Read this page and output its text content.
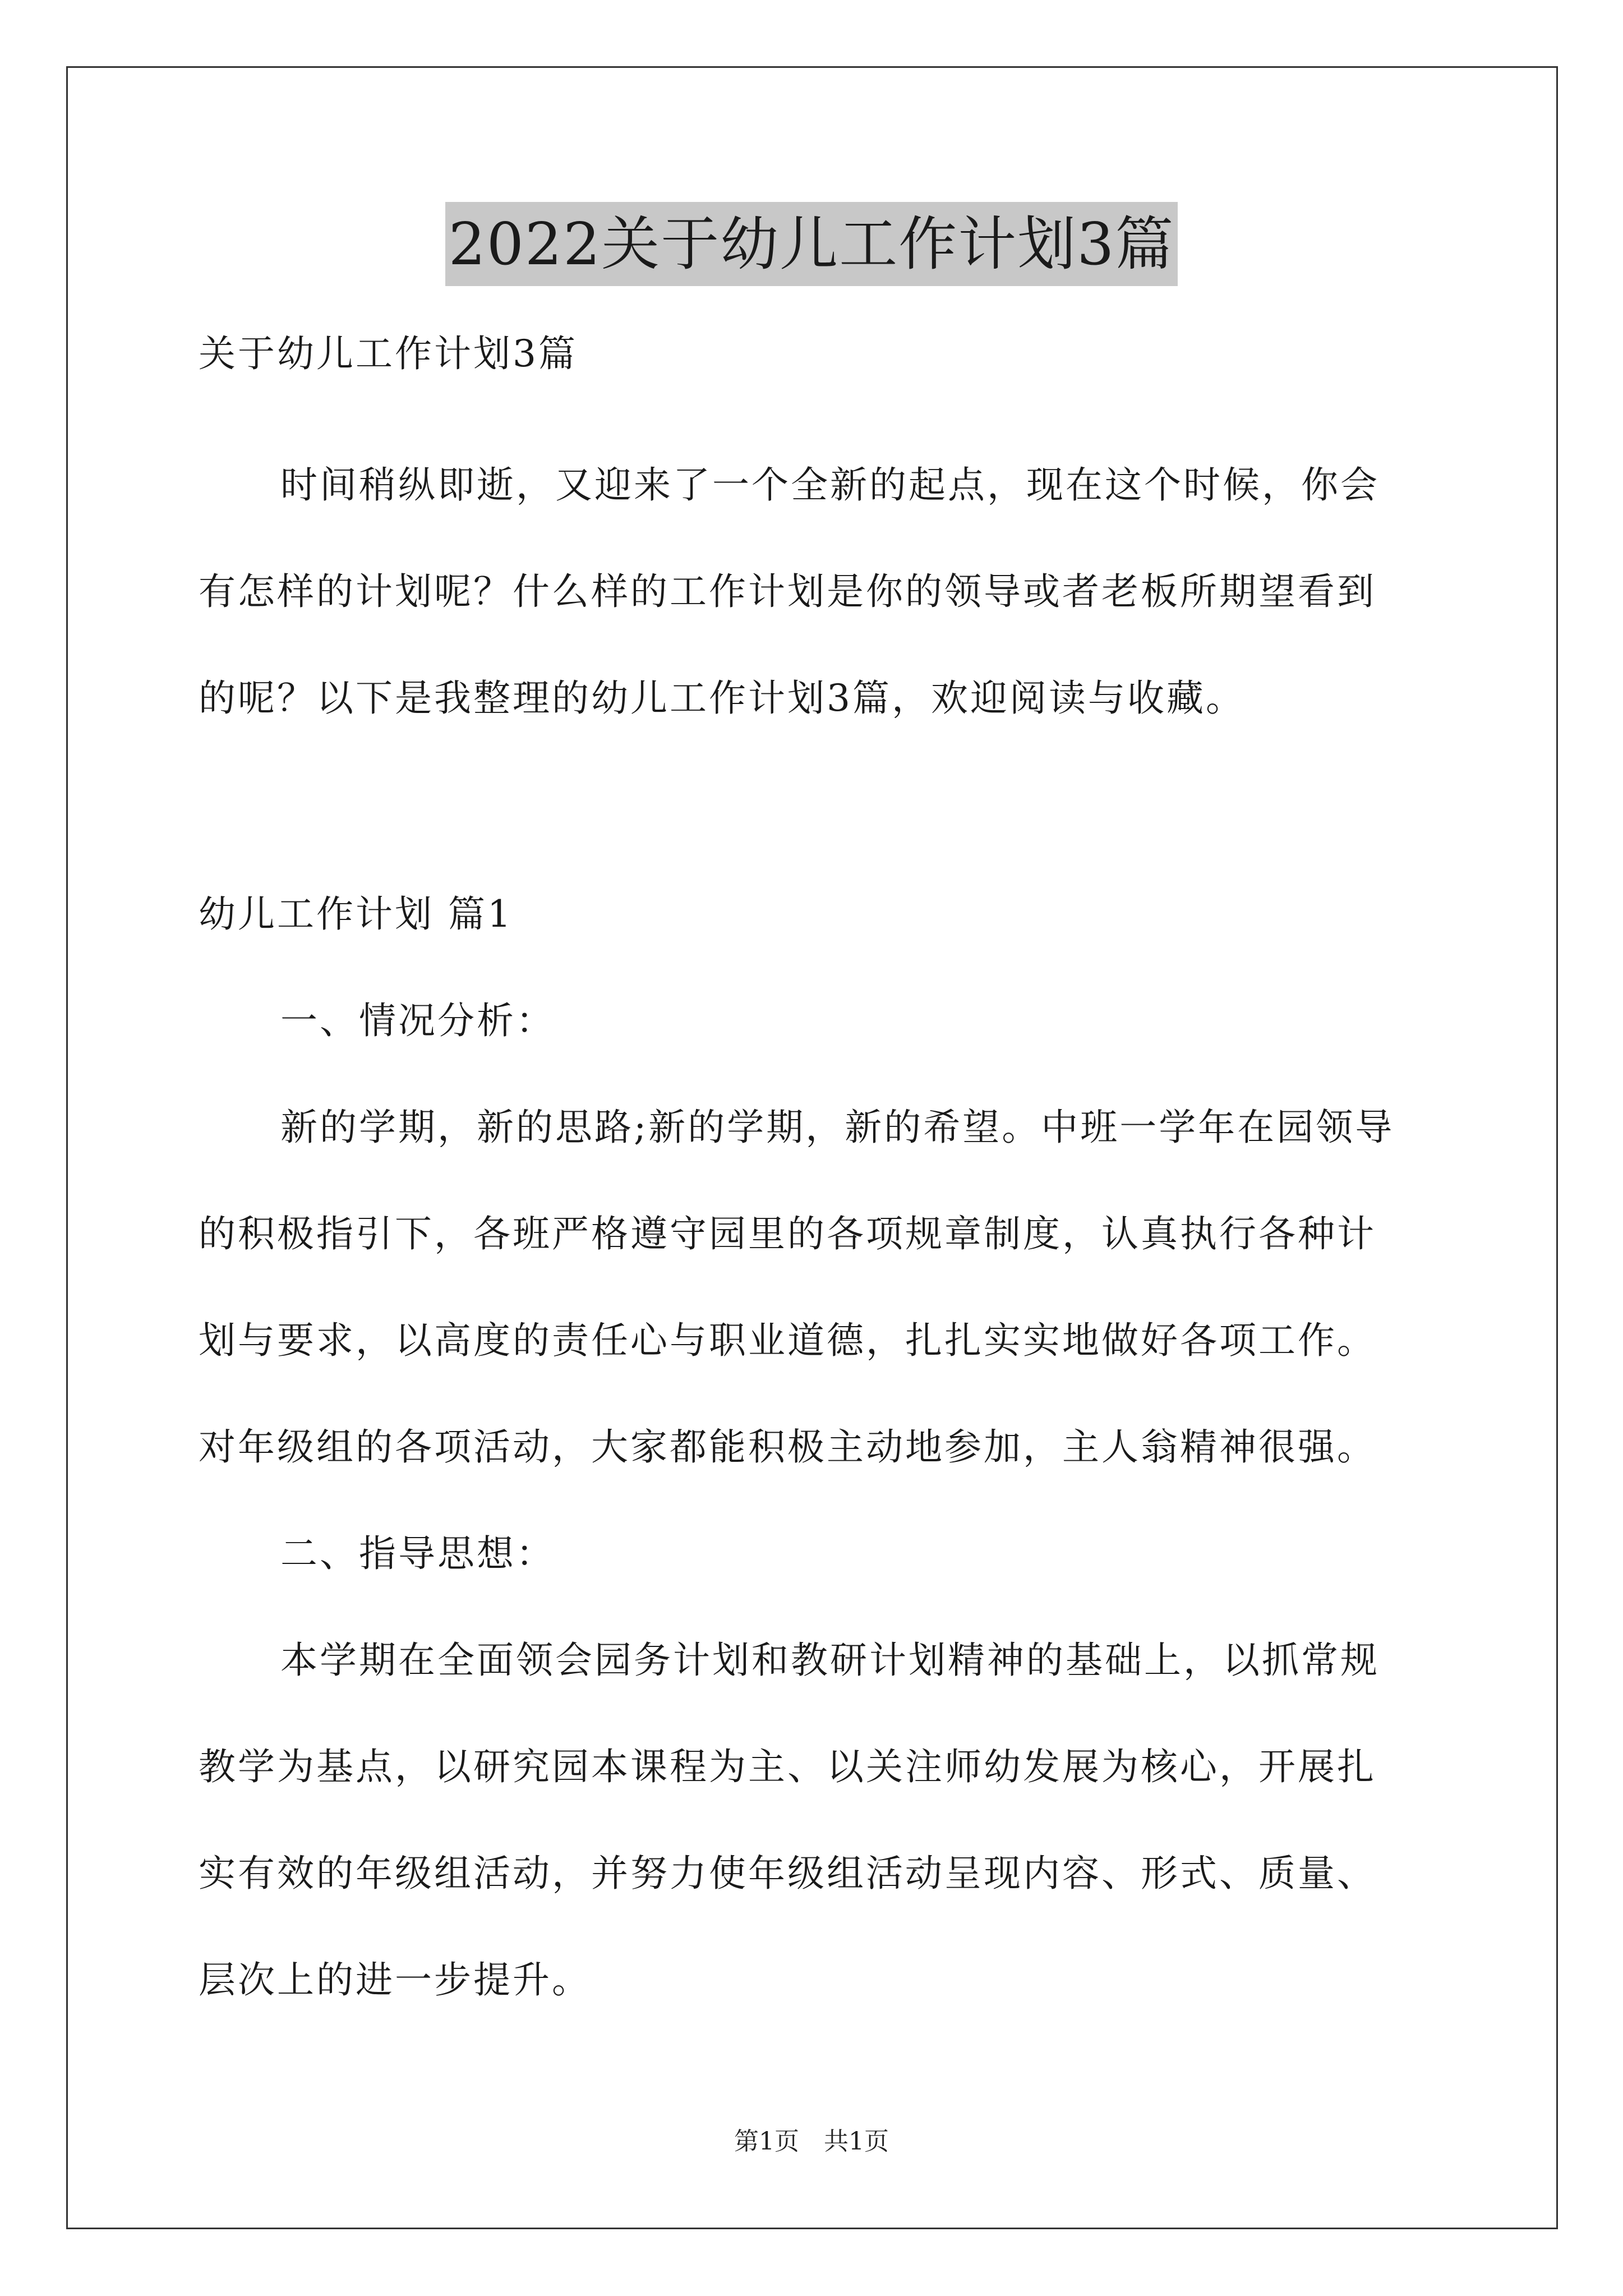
2022关于幼儿工作计划3篇
关于幼儿工作计划3篇
时间稍纵即逝，又迎来了一个全新的起点，现在这个时候，你会
有怎样的计划呢？什么样的工作计划是你的领导或者老板所期望看到
的呢？以下是我整理的幼儿工作计划3篇，欢迎阅读与收藏。
幼儿工作计划 篇1
一、情况分析：
新的学期，新的思路;新的学期，新的希望。中班一学年在园领导
的积极指引下，各班严格遵守园里的各项规章制度，认真执行各种计
划与要求，以高度的责任心与职业道德，扎扎实实地做好各项工作。
对年级组的各项活动，大家都能积极主动地参加，主人翁精神很强。
二、指导思想：
本学期在全面领会园务计划和教研计划精神的基础上，以抓常规
教学为基点，以研究园本课程为主、以关注师幼发展为核心，开展扎
实有效的年级组活动，并努力使年级组活动呈现内容、形式、质量、
层次上的进一步提升。
第1页　共1页
